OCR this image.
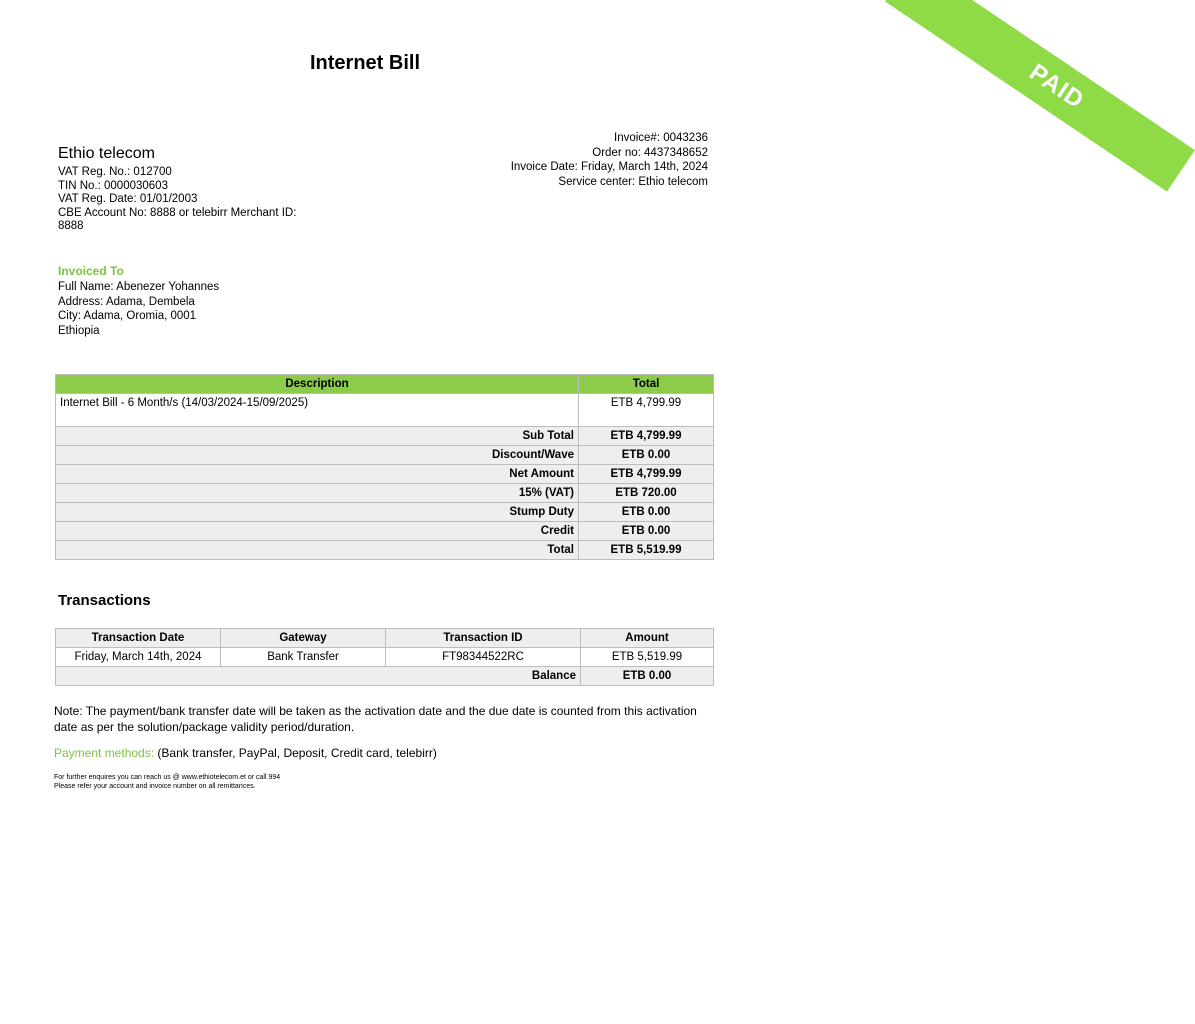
PAID
Internet Bill
Ethio telecom
VAT Reg. No.: 012700
TIN No.: 0000030603
VAT Reg. Date: 01/01/2003
CBE Account No: 8888 or telebirr Merchant ID: 8888
Invoice#: 0043236
Order no: 4437348652
Invoice Date: Friday, March 14th, 2024
Service center: Ethio telecom
Invoiced To
Full Name: Abenezer Yohannes
Address: Adama, Dembela
City: Adama, Oromia, 0001
Ethiopia
Description	Total
Internet Bill - 6 Month/s (14/03/2024-15/09/2025)	ETB 4,799.99
Sub Total	ETB 4,799.99
Discount/Wave	ETB 0.00
Net Amount	ETB 4,799.99
15% (VAT)	ETB 720.00
Stump Duty	ETB 0.00
Credit	ETB 0.00
Total	ETB 5,519.99
Transactions
Transaction Date	Gateway	Transaction ID	Amount
Friday, March 14th, 2024	Bank Transfer	FT98344522RC	ETB 5,519.99
Balance			ETB 0.00
Note: The payment/bank transfer date will be taken as the activation date and the due date is counted from this activation date as per the solution/package validity period/duration.
Payment methods: (Bank transfer, PayPal, Deposit, Credit card, telebirr)
For further enquires you can reach us @ www.ethiotelecom.et or call 994
Please refer your account and invoice number on all remittances.
